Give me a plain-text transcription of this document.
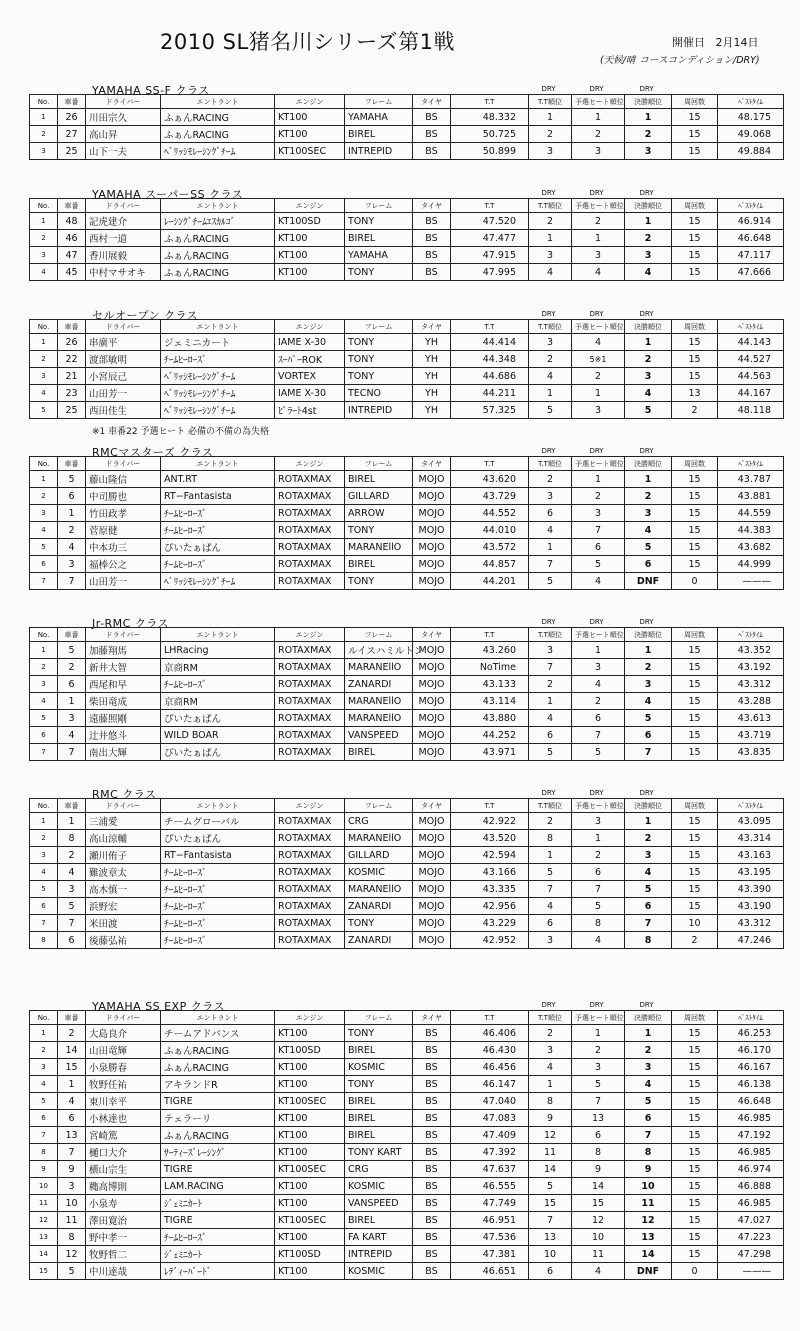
2010 SL猪名川シリーズ第1戦	開催日 2月14日
(天候/晴 コースコンディション/DRY)
YAMAHA SS-F クラス	DRY	DRY	DRY
No.	車番	ドライバー	エントラント	エンジン	フレーム	タイヤ	T.T	T.T順位	予選ヒート順位	決勝順位	周回数	ﾍﾞｽﾄﾀｲﾑ
1	26	川田宗久	ふぁんRACING	KT100	YAMAHA	BS	48.332	1	1	1	15	48.175
2	27	高山昇	ふぁんRACING	KT100	BIREL	BS	50.725	2	2	2	15	49.068
3	25	山下一夫	ﾍﾞﾘｯｼﾓﾚｰｼﾝｸﾞﾁｰﾑ	KT100SEC	INTREPID	BS	50.899	3	3	3	15	49.884
YAMAHA スーパーSS クラス	DRY	DRY	DRY
No.	車番	ドライバー	エントラント	エンジン	フレーム	タイヤ	T.T	T.T順位	予選ヒート順位	決勝順位	周回数	ﾍﾞｽﾄﾀｲﾑ
1	48	記虎建介	ﾚｰｼﾝｸﾞﾁｰﾑｴｽｶﾙｺﾞ	KT100SD	TONY	BS	47.520	2	2	1	15	46.914
2	46	西村一道	ふぁんRACING	KT100	BIREL	BS	47.477	1	1	2	15	46.648
3	47	香川展毅	ふぁんRACING	KT100	YAMAHA	BS	47.915	3	3	3	15	47.117
4	45	中村マサオキ	ふぁんRACING	KT100	TONY	BS	47.995	4	4	4	15	47.666
セルオープン クラス	DRY	DRY	DRY
No.	車番	ドライバー	エントラント	エンジン	フレーム	タイヤ	T.T	T.T順位	予選ヒート順位	決勝順位	周回数	ﾍﾞｽﾄﾀｲﾑ
1	26	串廣平	ジェミニカート	IAME X-30	TONY	YH	44.414	3	4	1	15	44.143
2	22	渡部敏明	ﾁｰﾑﾋｰﾛｰｽﾞ	ｽｰﾊﾟｰROK	TONY	YH	44.348	2	5※1	2	15	44.527
3	21	小宮辰己	ﾍﾞﾘｯｼﾓﾚｰｼﾝｸﾞﾁｰﾑ	VORTEX	TONY	YH	44.686	4	2	3	15	44.563
4	23	山田芳一	ﾍﾞﾘｯｼﾓﾚｰｼﾝｸﾞﾁｰﾑ	IAME X-30	TECNO	YH	44.211	1	1	4	13	44.167
5	25	西田佳生	ﾍﾞﾘｯｼﾓﾚｰｼﾝｸﾞﾁｰﾑ	ﾋﾟﾗｰﾄ4st	INTREPID	YH	57.325	5	3	5	2	48.118
※1 車番22 予選ヒート 必備の不備の為失格
RMCマスターズ クラス	DRY	DRY	DRY
No.	車番	ドライバー	エントラント	エンジン	フレーム	タイヤ	T.T	T.T順位	予選ヒート順位	決勝順位	周回数	ﾍﾞｽﾄﾀｲﾑ
1	5	藤山隆信	ANT.RT	ROTAXMAX	BIREL	MOJO	43.620	2	1	1	15	43.787
2	6	中司勝也	RT−Fantasista	ROTAXMAX	GILLARD	MOJO	43.729	3	2	2	15	43.881
3	1	竹田政孝	ﾁｰﾑﾋｰﾛｰｽﾞ	ROTAXMAX	ARROW	MOJO	44.552	6	3	3	15	44.559
4	2	菅原健	ﾁｰﾑﾋｰﾛｰｽﾞ	ROTAXMAX	TONY	MOJO	44.010	4	7	4	15	44.383
5	4	中本功三	ぴいたぁぱん	ROTAXMAX	MARANEllO	MOJO	43.572	1	6	5	15	43.682
6	3	福棒公之	ﾁｰﾑﾋｰﾛｰｽﾞ	ROTAXMAX	BIREL	MOJO	44.857	7	5	6	15	44.999
7	7	山田芳一	ﾍﾞﾘｯｼﾓﾚｰｼﾝｸﾞﾁｰﾑ	ROTAXMAX	TONY	MOJO	44.201	5	4	DNF	0	———
Jr-RMC クラス	DRY	DRY	DRY
No.	車番	ドライバー	エントラント	エンジン	フレーム	タイヤ	T.T	T.T順位	予選ヒート順位	決勝順位	周回数	ﾍﾞｽﾄﾀｲﾑ
1	5	加藤翔馬	LHRacing	ROTAXMAX	ルイスハミルトン	MOJO	43.260	3	1	1	15	43.352
2	2	新井大智	京商RM	ROTAXMAX	MARANEllO	MOJO	NoTime	7	3	2	15	43.192
3	6	西尾和早	ﾁｰﾑﾋｰﾛｰｽﾞ	ROTAXMAX	ZANARDI	MOJO	43.133	2	4	3	15	43.312
4	1	柴田竜成	京商RM	ROTAXMAX	MARANEllO	MOJO	43.114	1	2	4	15	43.288
5	3	遠藤照剛	ぴいたぁぱん	ROTAXMAX	MARANEllO	MOJO	43.880	4	6	5	15	43.613
6	4	辻井悠斗	WILD BOAR	ROTAXMAX	VANSPEED	MOJO	44.252	6	7	6	15	43.719
7	7	南出大輝	ぴいたぁぱん	ROTAXMAX	BIREL	MOJO	43.971	5	5	7	15	43.835
RMC クラス	DRY	DRY	DRY
No.	車番	ドライバー	エントラント	エンジン	フレーム	タイヤ	T.T	T.T順位	予選ヒート順位	決勝順位	周回数	ﾍﾞｽﾄﾀｲﾑ
1	1	三浦愛	チームグローバル	ROTAXMAX	CRG	MOJO	42.922	2	3	1	15	43.095
2	8	高山涼輔	ぴいたぁぱん	ROTAXMAX	MARANEllO	MOJO	43.520	8	1	2	15	43.314
3	2	瀬川侑子	RT−Fantasista	ROTAXMAX	GILLARD	MOJO	42.594	1	2	3	15	43.163
4	4	難波章太	ﾁｰﾑﾋｰﾛｰｽﾞ	ROTAXMAX	KOSMIC	MOJO	43.166	5	6	4	15	43.195
5	3	高木慎一	ﾁｰﾑﾋｰﾛｰｽﾞ	ROTAXMAX	MARANEllO	MOJO	43.335	7	7	5	15	43.390
6	5	浜野宏	ﾁｰﾑﾋｰﾛｰｽﾞ	ROTAXMAX	ZANARDI	MOJO	42.956	4	5	6	15	43.190
7	7	米田渡	ﾁｰﾑﾋｰﾛｰｽﾞ	ROTAXMAX	TONY	MOJO	43.229	6	8	7	10	43.312
8	6	後藤弘祐	ﾁｰﾑﾋｰﾛｰｽﾞ	ROTAXMAX	ZANARDI	MOJO	42.952	3	4	8	2	47.246
YAMAHA SS EXP クラス	DRY	DRY	DRY
No.	車番	ドライバー	エントラント	エンジン	フレーム	タイヤ	T.T	T.T順位	予選ヒート順位	決勝順位	周回数	ﾍﾞｽﾄﾀｲﾑ
1	2	大島良介	チームアドバンス	KT100	TONY	BS	46.406	2	1	1	15	46.253
2	14	山田竜輝	ふぁんRACING	KT100SD	BIREL	BS	46.430	3	2	2	15	46.170
3	15	小泉勝春	ふぁんRACING	KT100	KOSMIC	BS	46.456	4	3	3	15	46.167
4	1	牧野任祐	アキランドR	KT100	TONY	BS	46.147	1	5	4	15	46.138
5	4	東川幸平	TIGRE	KT100SEC	BIREL	BS	47.040	8	7	5	15	46.648
6	6	小林達也	テェラーリ	KT100	BIREL	BS	47.083	9	13	6	15	46.985
7	13	宮崎篤	ふぁんRACING	KT100	BIREL	BS	47.409	12	6	7	15	47.192
8	7	樋口大介	ｻｰﾃｨｰｽﾞﾚｰｼﾝｸﾞ	KT100	TONY KART	BS	47.392	11	8	8	15	46.985
9	9	横山宗生	TIGRE	KT100SEC	CRG	BS	47.637	14	9	9	15	46.974
10	3	穐高博則	LAM.RACING	KT100	KOSMIC	BS	46.555	5	14	10	15	46.888
11	10	小泉寿	ｼﾞｪﾐﾆｶｰﾄ	KT100	VANSPEED	BS	47.749	15	15	11	15	46.985
12	11	澤田寛治	TIGRE	KT100SEC	BIREL	BS	46.951	7	12	12	15	47.027
13	8	野中孝一	ﾁｰﾑﾋｰﾛｰｽﾞ	KT100	FA KART	BS	47.536	13	10	13	15	47.223
14	12	牧野哲二	ｼﾞｪﾐﾆｶｰﾄ	KT100SD	INTREPID	BS	47.381	10	11	14	15	47.298
15	5	中川達哉	ﾚﾃﾞｨｰﾊﾞｰﾄﾞ	KT100	KOSMIC	BS	46.651	6	4	DNF	0	———
